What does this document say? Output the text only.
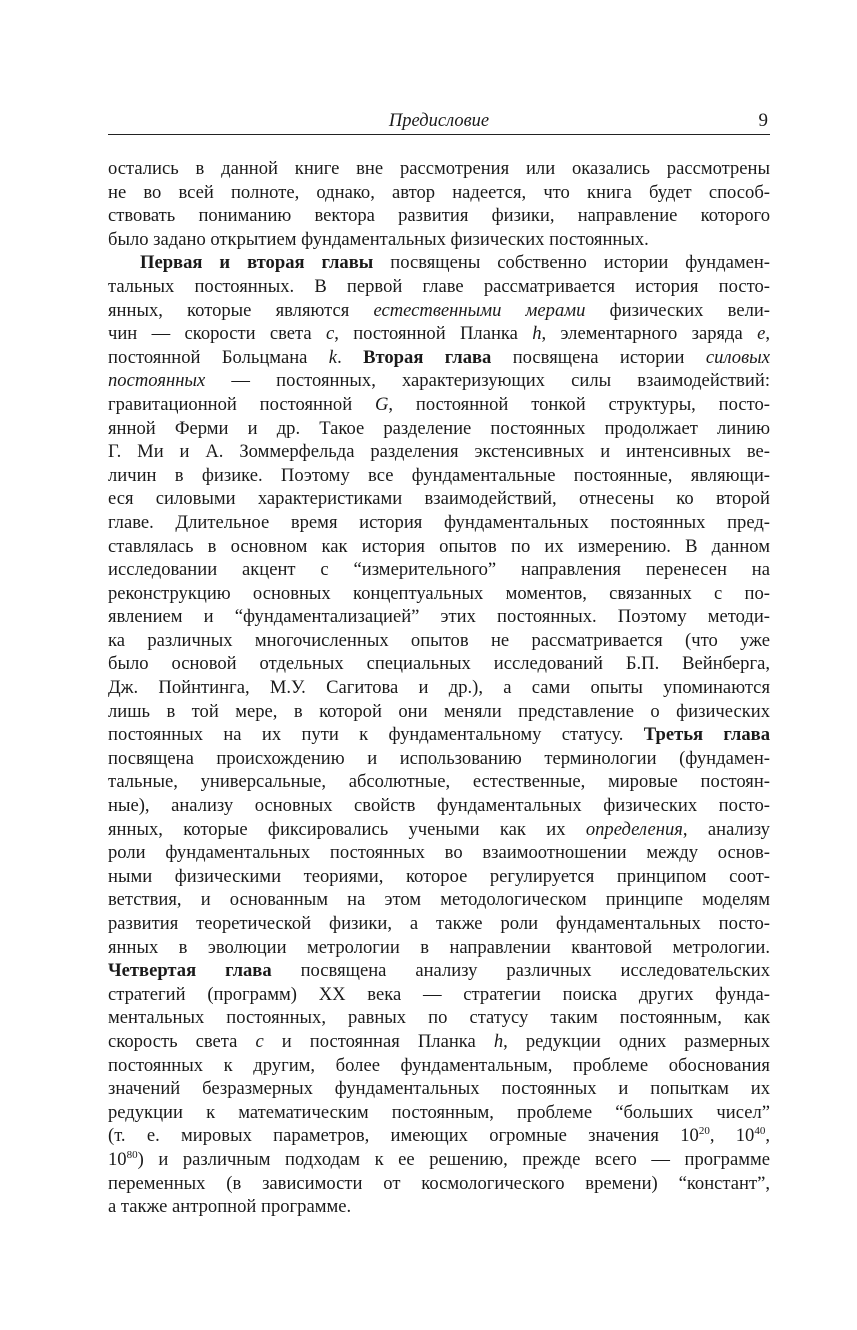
Предисловие	9
остались в данной книге вне рассмотрения или оказались рассмотрены
не во всей полноте, однако, автор надеется, что книга будет способ-
ствовать пониманию вектора развития физики, направление которого
было задано открытием фундаментальных физических постоянных.
Первая и вторая главы посвящены собственно истории фундамен-
тальных постоянных. В первой главе рассматривается история посто-
янных, которые являются естественными мерами физических вели-
чин — скорости света c, постоянной Планка h, элементарного заряда e,
постоянной Больцмана k. Вторая глава посвящена истории силовых
постоянных — постоянных, характеризующих силы взаимодействий:
гравитационной постоянной G, постоянной тонкой структуры, посто-
янной Ферми и др. Такое разделение постоянных продолжает линию
Г. Ми и А. Зоммерфельда разделения экстенсивных и интенсивных ве-
личин в физике. Поэтому все фундаментальные постоянные, являющи-
еся силовыми характеристиками взаимодействий, отнесены ко второй
главе. Длительное время история фундаментальных постоянных пред-
ставлялась в основном как история опытов по их измерению. В данном
исследовании акцент с “измерительного” направления перенесен на
реконструкцию основных концептуальных моментов, связанных с по-
явлением и “фундаментализацией” этих постоянных. Поэтому методи-
ка различных многочисленных опытов не рассматривается (что уже
было основой отдельных специальных исследований Б.П. Вейнберга,
Дж. Пойнтинга, М.У. Сагитова и др.), а сами опыты упоминаются
лишь в той мере, в которой они меняли представление о физических
постоянных на их пути к фундаментальному статусу. Третья глава
посвящена происхождению и использованию терминологии (фундамен-
тальные, универсальные, абсолютные, естественные, мировые постоян-
ные), анализу основных свойств фундаментальных физических посто-
янных, которые фиксировались учеными как их определения, анализу
роли фундаментальных постоянных во взаимоотношении между основ-
ными физическими теориями, которое регулируется принципом соот-
ветствия, и основанным на этом методологическом принципе моделям
развития теоретической физики, а также роли фундаментальных посто-
янных в эволюции метрологии в направлении квантовой метрологии.
Четвертая глава посвящена анализу различных исследовательских
стратегий (программ) XX века — стратегии поиска других фунда-
ментальных постоянных, равных по статусу таким постоянным, как
скорость света c и постоянная Планка h, редукции одних размерных
постоянных к другим, более фундаментальным, проблеме обоснования
значений безразмерных фундаментальных постоянных и попыткам их
редукции к математическим постоянным, проблеме “больших чисел”
(т. е. мировых параметров, имеющих огромные значения $10^{20}$, $10^{40}$,
$10^{80}$) и различным подходам к ее решению, прежде всего — программе
переменных (в зависимости от космологического времени) “констант”,
а также антропной программе.
